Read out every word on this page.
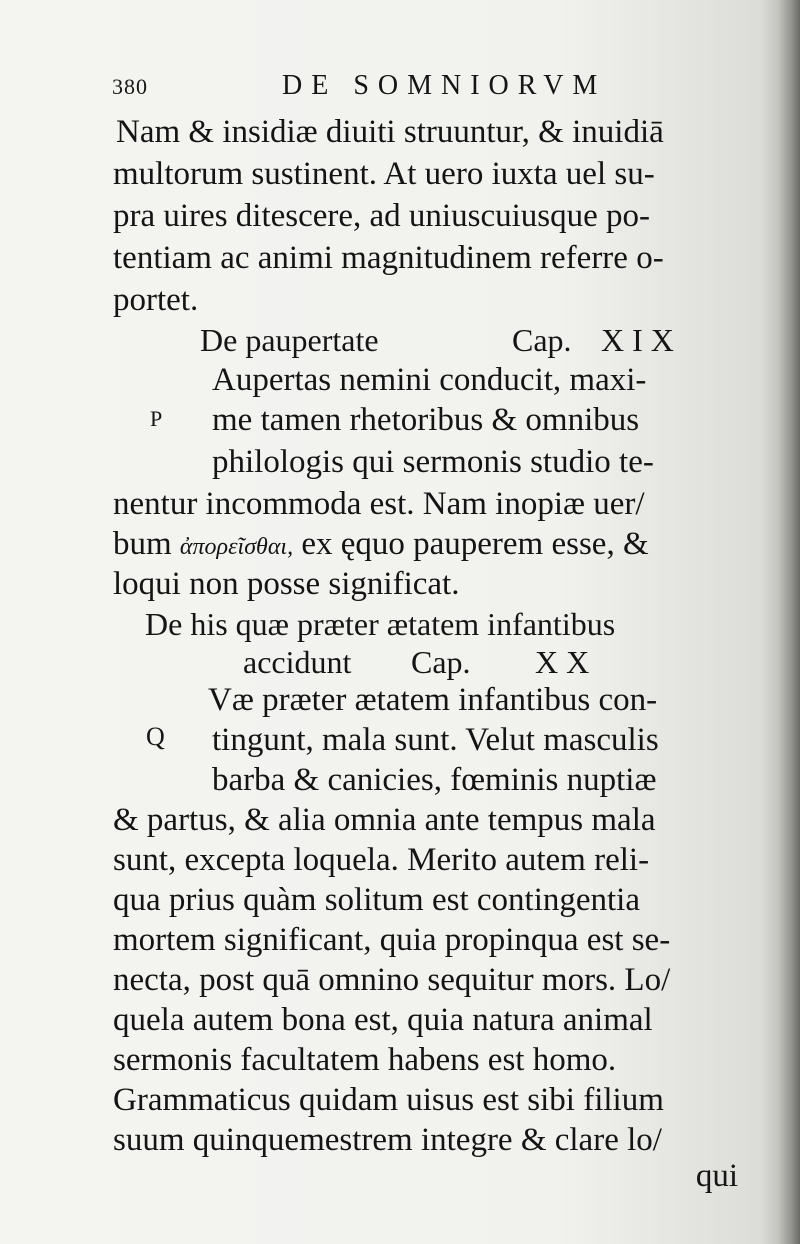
380	DE SOMNIORVM
Nam & insidiæ diuiti struuntur, & inuidiā
multorum sustinent. At uero iuxta uel su-
pra uires ditescere, ad uniuscuiusque po-
tentiam ac animi magnitudinem referre o-
portet.
De paupertate	Cap. XIX
P
Aupertas nemini conducit, maxi-
me tamen rhetoribus & omnibus
philologis qui sermonis studio te-
nentur incommoda est. Nam inopiæ uer/
bum ἀπορεῖσθαι, ex ęquo pauperem esse, &
loqui non posse significat.
De his quæ præter ætatem infantibus
accidunt Cap. XX
Q
Væ præter ætatem infantibus con-
tingunt, mala sunt. Velut masculis
barba & canicies, fœminis nuptiæ
& partus, & alia omnia ante tempus mala
sunt, excepta loquela. Merito autem reli-
qua prius quàm solitum est contingentia
mortem significant, quia propinqua est se-
necta, post quā omnino sequitur mors. Lo/
quela autem bona est, quia natura animal
sermonis facultatem habens est homo.
Grammaticus quidam uisus est sibi filium
suum quinquemestrem integre & clare lo/
qui
